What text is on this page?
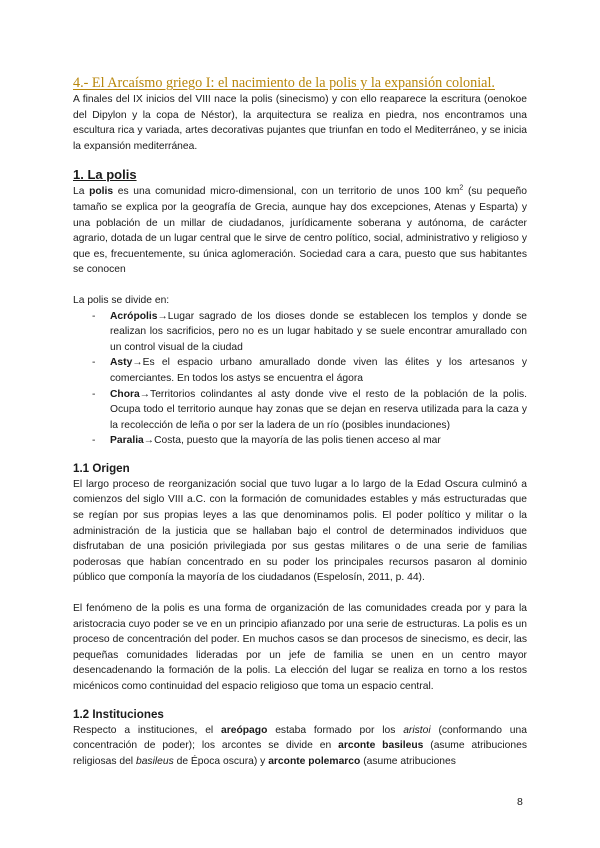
4.- El Arcaísmo griego I: el nacimiento de la polis y la expansión colonial.

A finales del IX inicios del VIII nace la polis (sinecismo) y con ello reaparece la escritura (oenokoe del Dipylon y la copa de Néstor), la arquitectura se realiza en piedra, nos encontramos una escultura rica y variada, artes decorativas pujantes que triunfan en todo el Mediterráneo, y se inicia la expansión mediterránea.

1. La polis

La polis es una comunidad micro-dimensional, con un territorio de unos 100 $km^2$ (su pequeño tamaño se explica por la geografía de Grecia, aunque hay dos excepciones, Atenas y Esparta) y una población de un millar de ciudadanos, jurídicamente soberana y autónoma, de carácter agrario, dotada de un lugar central que le sirve de centro político, social, administrativo y religioso y que es, frecuentemente, su única aglomeración. Sociedad cara a cara, puesto que sus habitantes se conocen

La polis se divide en:

- Acrópolis→Lugar sagrado de los dioses donde se establecen los templos y donde se realizan los sacrificios, pero no es un lugar habitado y se suele encontrar amurallado con un control visual de la ciudad
- Asty→Es el espacio urbano amurallado donde viven las élites y los artesanos y comerciantes. En todos los astys se encuentra el ágora
- Chora→Territorios colindantes al asty donde vive el resto de la población de la polis. Ocupa todo el territorio aunque hay zonas que se dejan en reserva utilizada para la caza y la recolección de leña o por ser la ladera de un río (posibles inundaciones)
- Paralia→Costa, puesto que la mayoría de las polis tienen acceso al mar
1.1 Origen

El largo proceso de reorganización social que tuvo lugar a lo largo de la Edad Oscura culminó a comienzos del siglo VIII a.C. con la formación de comunidades estables y más estructuradas que se regían por sus propias leyes a las que denominamos polis. El poder político y militar o la administración de la justicia que se hallaban bajo el control de determinados individuos que disfrutaban de una posición privilegiada por sus gestas militares o de una serie de familias poderosas que habían concentrado en su poder los principales recursos pasaron al dominio público que componía la mayoría de los ciudadanos (Espelosín, 2011, p. 44).

El fenómeno de la polis es una forma de organización de las comunidades creada por y para la aristocracia cuyo poder se ve en un principio afianzado por una serie de estructuras. La polis es un proceso de concentración del poder. En muchos casos se dan procesos de sinecismo, es decir, las pequeñas comunidades lideradas por un jefe de familia se unen en un centro mayor desencadenando la formación de la polis. La elección del lugar se realiza en torno a los restos micénicos como continuidad del espacio religioso que toma un espacio central.

1.2 Instituciones

Respecto a instituciones, el areópago estaba formado por los aristoi (conformando una concentración de poder); los arcontes se divide en arconte basileus (asume atribuciones religiosas del basileus de Época oscura) y arconte polemarco (asume atribuciones

8
